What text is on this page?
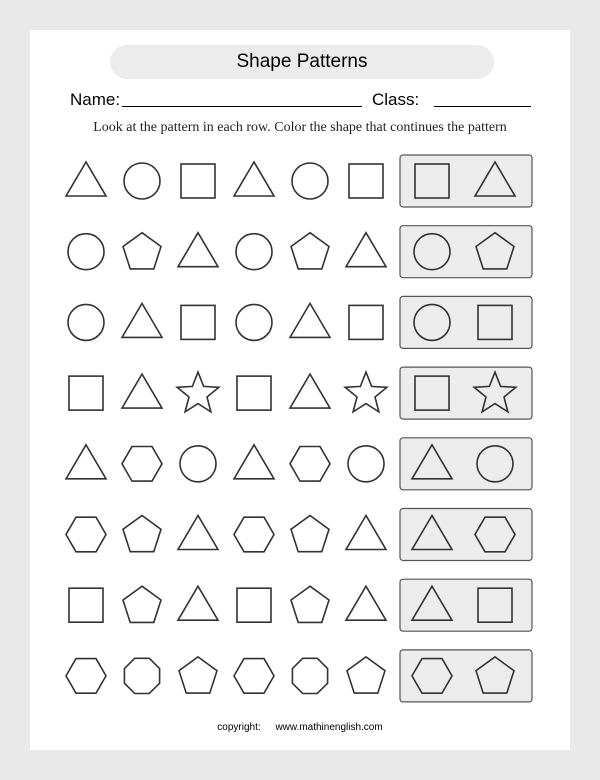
Shape Patterns
Name:	Class:
Look at the pattern in each row. Color the shape that continues the pattern
copyright: www.mathinenglish.com
